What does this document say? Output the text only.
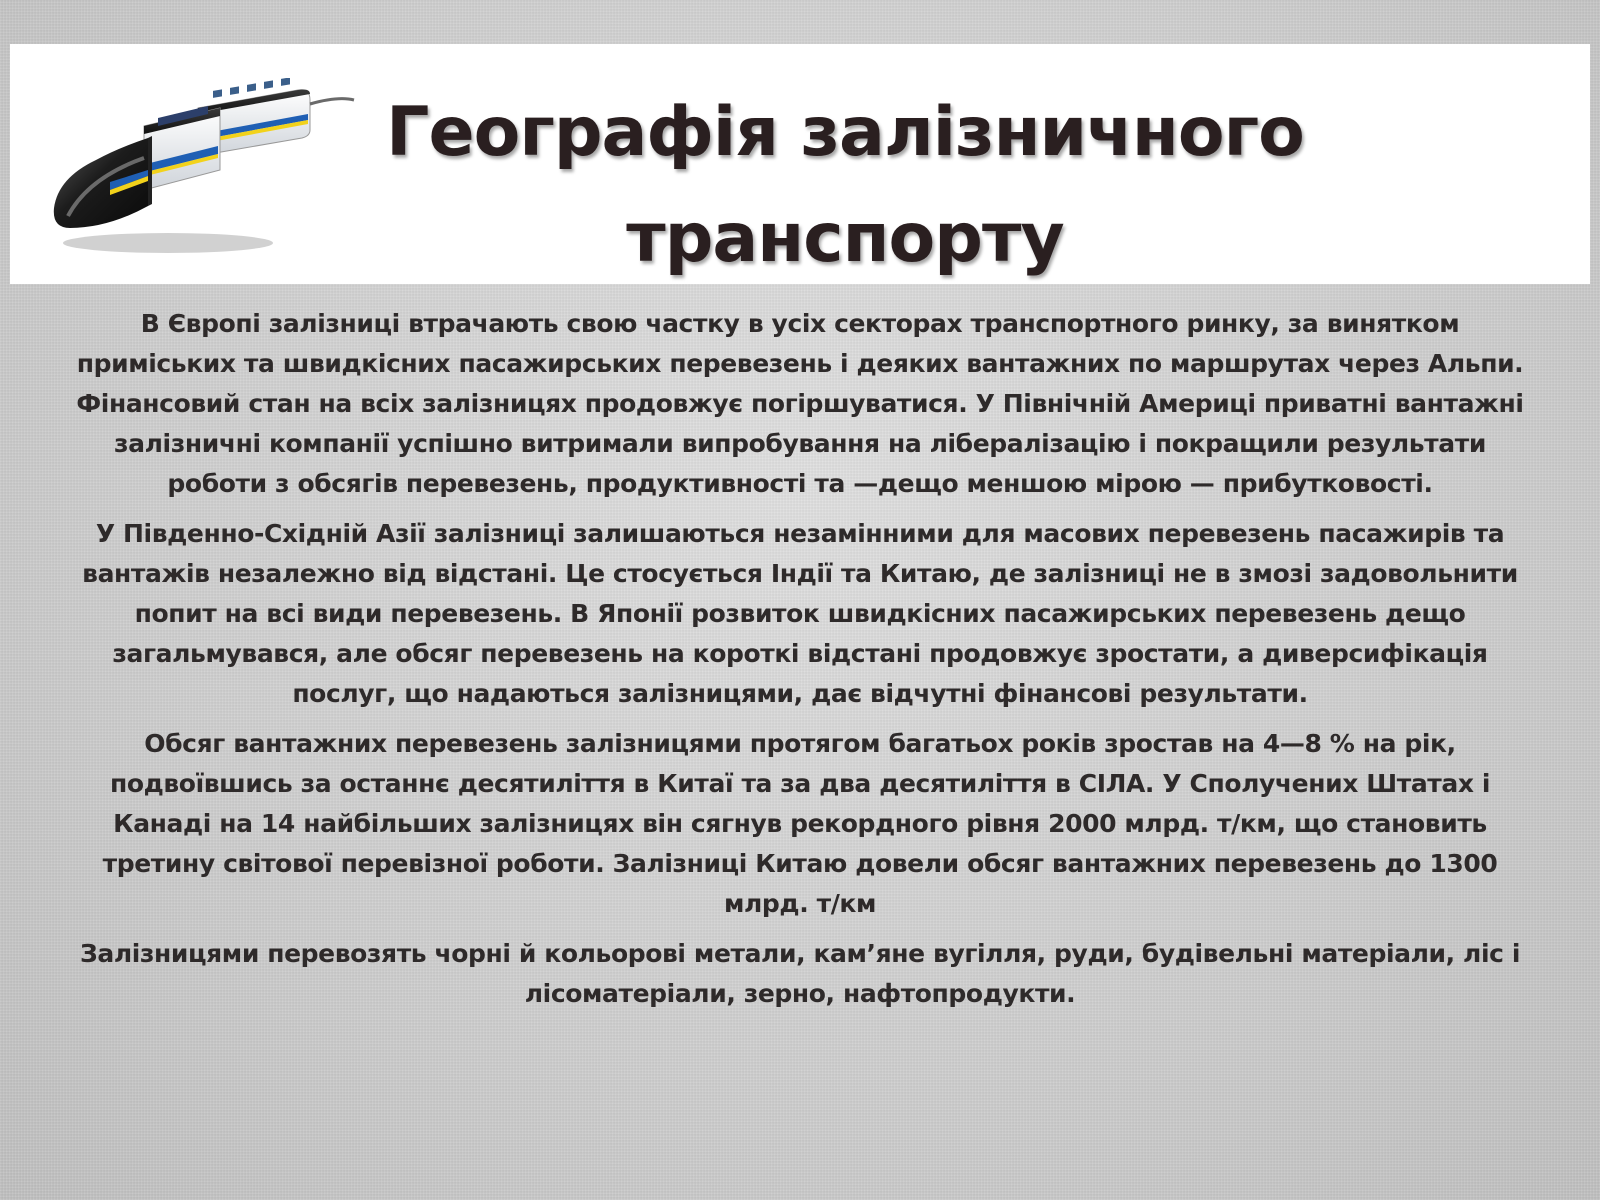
Географія залізничного
транспорту

В Європі залізниці втрачають свою частку в усіх секторах транспортного ринку, за винятком приміських та швидкісних пасажирських перевезень і деяких вантажних по маршрутах через Альпи. Фінансовий стан на всіх залізницях продовжує погіршуватися. У Північній Америці приватні вантажні залізничні компанії успішно витримали випробування на лібералізацію і покращили результати роботи з обсягів перевезень, продуктивності та —дещо меншою мірою — прибутковості.

У Південно-Східній Азії залізниці залишаються незамінними для масових перевезень пасажирів та вантажів незалежно від відстані. Це стосується Індії та Китаю, де залізниці не в змозі задовольнити попит на всі види перевезень. В Японії розвиток швидкісних пасажирських перевезень дещо загальмувався, але обсяг перевезень на короткі відстані продовжує зростати, а диверсифікація послуг, що надаються залізницями, дає відчутні фінансові результати.

Обсяг вантажних перевезень залізницями протягом багатьох років зростав на 4—8 % на рік, подвоївшись за останнє десятиліття в Китаї та за два десятиліття в СІЛА. У Сполучених Штатах і Канаді на 14 найбільших залізницях він сягнув рекордного рівня 2000 млрд. т/км, що становить третину світової перевізної роботи. Залізниці Китаю довели обсяг вантажних перевезень до 1300 млрд. т/км

Залізницями перевозять чорні й кольорові метали, кам’яне вугілля, руди, будівельні матеріали, ліс і лісоматеріали, зерно, нафтопродукти.
